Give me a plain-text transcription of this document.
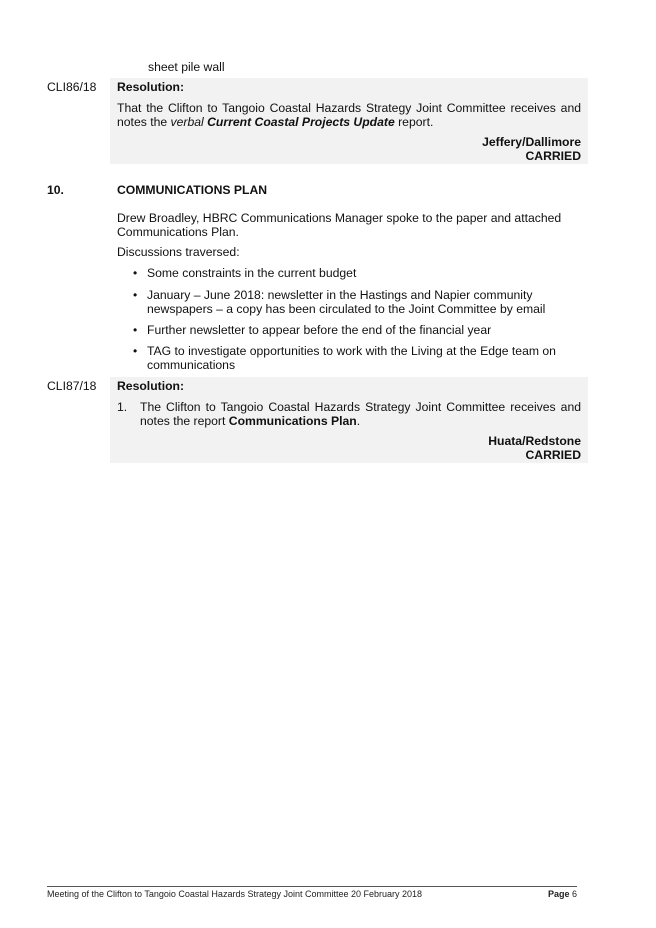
sheet pile wall
CLI86/18 Resolution:
That the Clifton to Tangoio Coastal Hazards Strategy Joint Committee receives and notes the verbal Current Coastal Projects Update report.
Jeffery/Dallimore
CARRIED
10.	COMMUNICATIONS PLAN
Drew Broadley, HBRC Communications Manager spoke to the paper and attached Communications Plan.
Discussions traversed:
• Some constraints in the current budget
• January – June 2018: newsletter in the Hastings and Napier community newspapers – a copy has been circulated to the Joint Committee by email
• Further newsletter to appear before the end of the financial year
• TAG to investigate opportunities to work with the Living at the Edge team on communications
CLI87/18 Resolution:
1. The Clifton to Tangoio Coastal Hazards Strategy Joint Committee receives and notes the report Communications Plan.
Huata/Redstone
CARRIED
Meeting of the Clifton to Tangoio Coastal Hazards Strategy Joint Committee 20 February 2018	Page 6
